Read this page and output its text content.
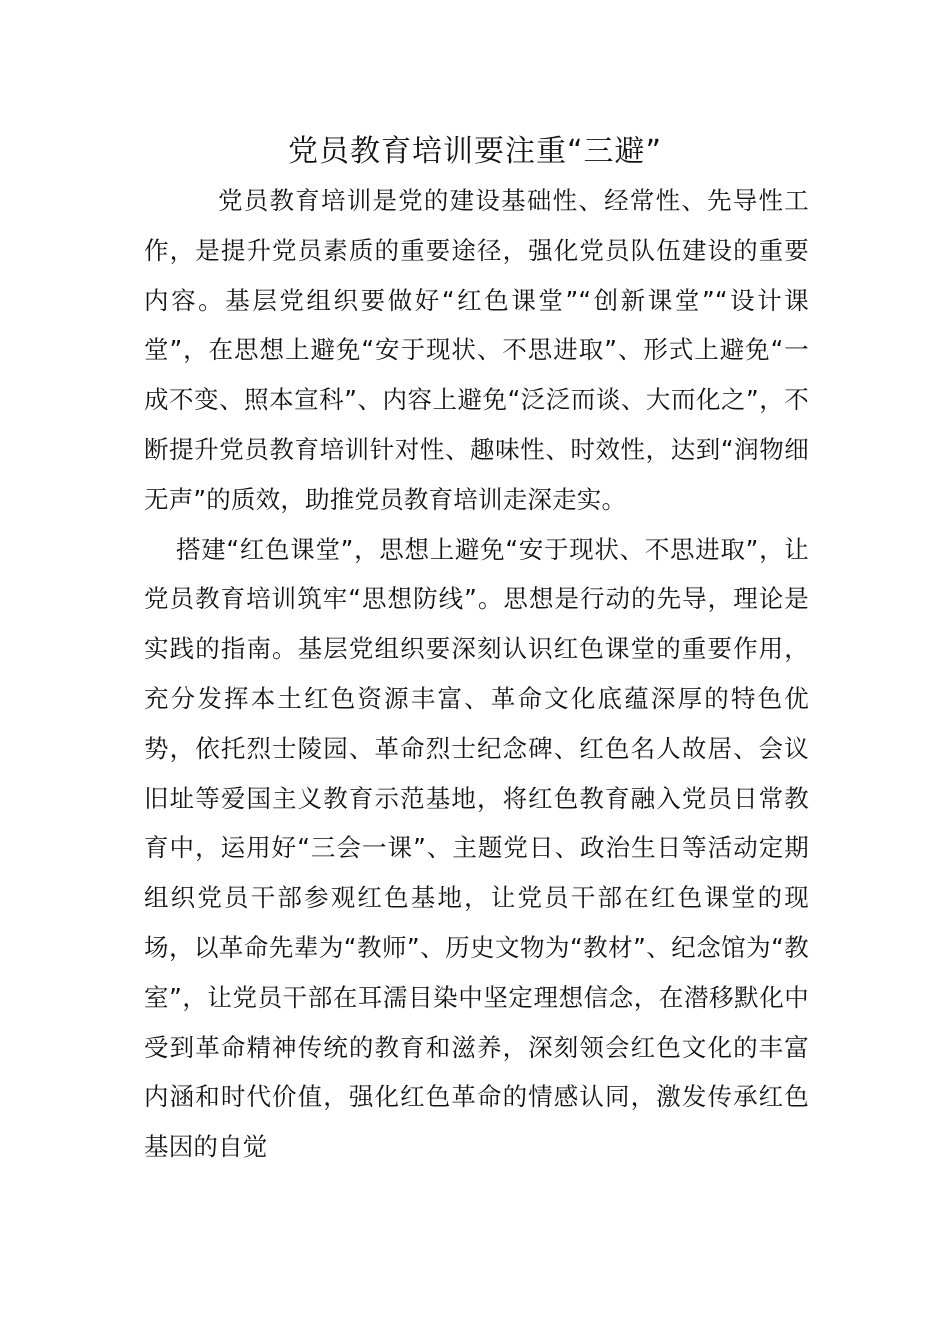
党员教育培训要注重“三避”

党员教育培训是党的建设基础性、经常性、先导性工作，是提升党员素质的重要途径，强化党员队伍建设的重要内容。基层党组织要做好“红色课堂”“创新课堂”“设计课堂”，在思想上避免“安于现状、不思进取”、形式上避免“一成不变、照本宣科”、内容上避免“泛泛而谈、大而化之”，不断提升党员教育培训针对性、趣味性、时效性，达到“润物细无声”的质效，助推党员教育培训走深走实。

搭建“红色课堂”，思想上避免“安于现状、不思进取”，让党员教育培训筑牢“思想防线”。思想是行动的先导，理论是实践的指南。基层党组织要深刻认识红色课堂的重要作用，充分发挥本土红色资源丰富、革命文化底蕴深厚的特色优势，依托烈士陵园、革命烈士纪念碑、红色名人故居、会议旧址等爱国主义教育示范基地，将红色教育融入党员日常教育中，运用好“三会一课”、主题党日、政治生日等活动定期组织党员干部参观红色基地，让党员干部在红色课堂的现场，以革命先辈为“教师”、历史文物为“教材”、纪念馆为“教室”，让党员干部在耳濡目染中坚定理想信念，在潜移默化中受到革命精神传统的教育和滋养，深刻领会红色文化的丰富内涵和时代价值，强化红色革命的情感认同，激发传承红色基因的自觉
